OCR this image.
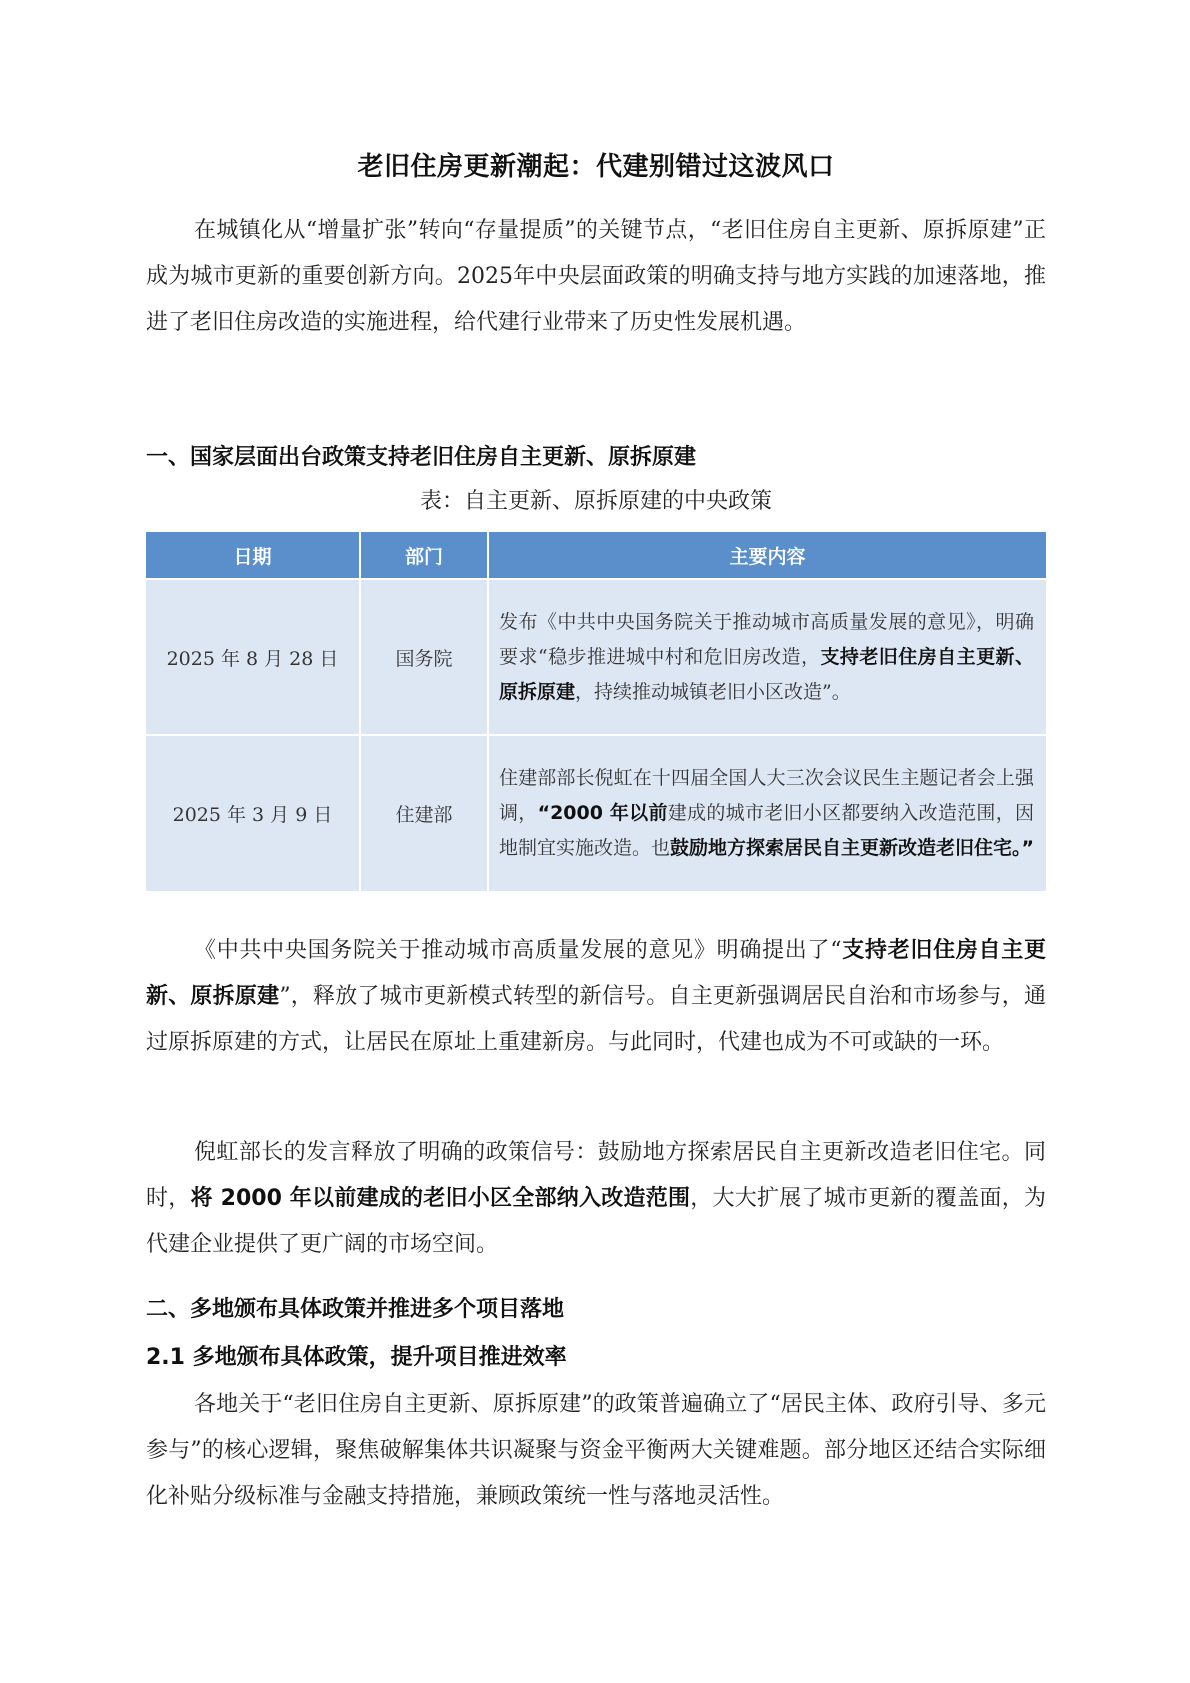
老旧住房更新潮起：代建别错过这波风口

在城镇化从“增量扩张”转向“存量提质”的关键节点，“老旧住房自主更新、原拆原建”正成为城市更新的重要创新方向。2025年中央层面政策的明确支持与地方实践的加速落地，推进了老旧住房改造的实施进程，给代建行业带来了历史性发展机遇。

一、国家层面出台政策支持老旧住房自主更新、原拆原建
表：自主更新、原拆原建的中央政策
日期	部门	主要内容
2025 年 8 月 28 日	国务院	发布《中共中央国务院关于推动城市高质量发展的意见》，明确要求“稳步推进城中村和危旧房改造，支持老旧住房自主更新、原拆原建，持续推动城镇老旧小区改造”。
2025 年 3 月 9 日	住建部	住建部部长倪虹在十四届全国人大三次会议民生主题记者会上强调，“2000 年以前建成的城市老旧小区都要纳入改造范围，因地制宜实施改造。也鼓励地方探索居民自主更新改造老旧住宅。”

《中共中央国务院关于推动城市高质量发展的意见》明确提出了“支持老旧住房自主更新、原拆原建”，释放了城市更新模式转型的新信号。自主更新强调居民自治和市场参与，通过原拆原建的方式，让居民在原址上重建新房。与此同时，代建也成为不可或缺的一环。

倪虹部长的发言释放了明确的政策信号：鼓励地方探索居民自主更新改造老旧住宅。同时，将 2000 年以前建成的老旧小区全部纳入改造范围，大大扩展了城市更新的覆盖面，为代建企业提供了更广阔的市场空间。

二、多地颁布具体政策并推进多个项目落地
2.1 多地颁布具体政策，提升项目推进效率

各地关于“老旧住房自主更新、原拆原建”的政策普遍确立了“居民主体、政府引导、多元参与”的核心逻辑，聚焦破解集体共识凝聚与资金平衡两大关键难题。部分地区还结合实际细化补贴分级标准与金融支持措施，兼顾政策统一性与落地灵活性。
